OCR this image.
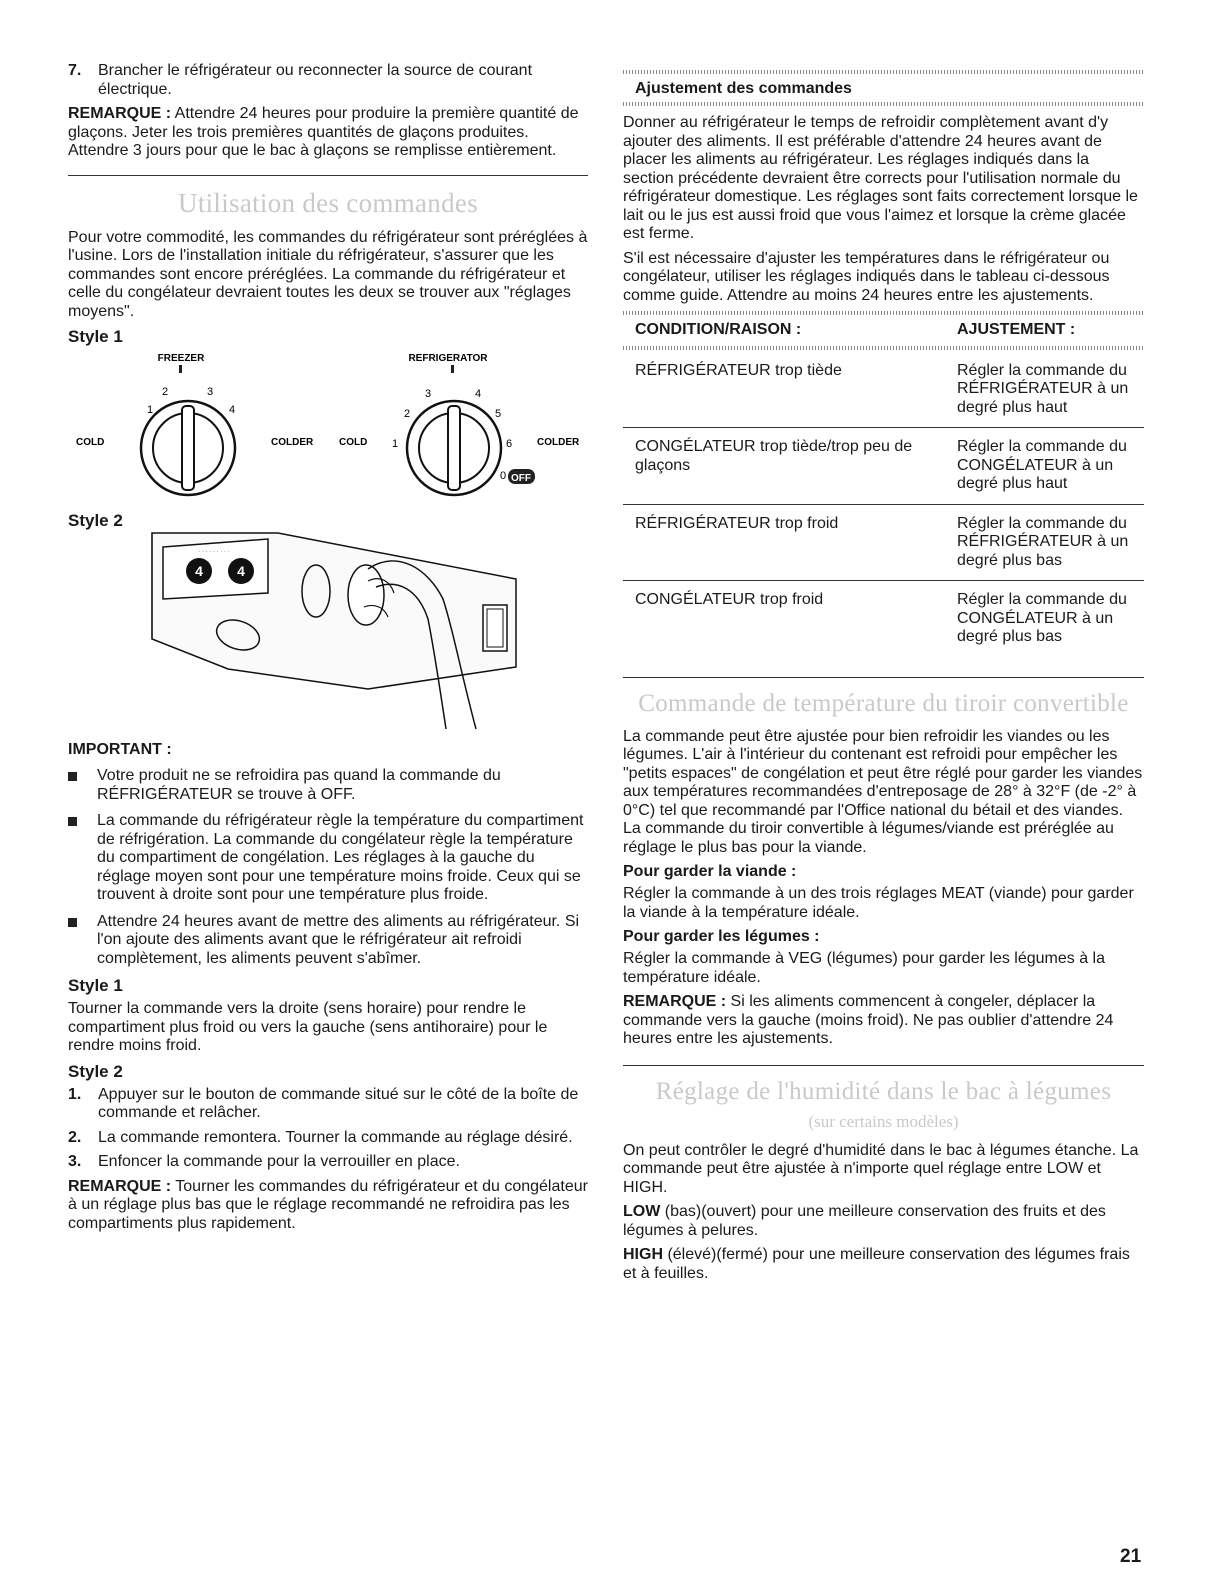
7.	Brancher le réfrigérateur ou reconnecter la source de courant électrique.

REMARQUE : Attendre 24 heures pour produire la première quantité de glaçons. Jeter les trois premières quantités de glaçons produites. Attendre 3 jours pour que le bac à glaçons se remplisse entièrement.

Utilisation des commandes

Pour votre commodité, les commandes du réfrigérateur sont préréglées à l'usine. Lors de l'installation initiale du réfrigérateur, s'assurer que les commandes sont encore préréglées. La commande du réfrigérateur et celle du congélateur devraient toutes les deux se trouver aux "réglages moyens".

Style 1
FREEZER
1
2	3
4
COLD	COLDER
REFRIGERATOR
1
2
3	4
5
6
0 OFF
COLD	COLDER
Style 2
· · · · · · · · ·
4 4
IMPORTANT :
Votre produit ne se refroidira pas quand la commande du RÉFRIGÉRATEUR se trouve à OFF.
La commande du réfrigérateur règle la température du compartiment de réfrigération. La commande du congélateur règle la température du compartiment de congélation. Les réglages à la gauche du réglage moyen sont pour une température moins froide. Ceux qui se trouvent à droite sont pour une température plus froide.
Attendre 24 heures avant de mettre des aliments au réfrigérateur. Si l'on ajoute des aliments avant que le réfrigérateur ait refroidi complètement, les aliments peuvent s'abîmer.
Style 1

Tourner la commande vers la droite (sens horaire) pour rendre le compartiment plus froid ou vers la gauche (sens antihoraire) pour le rendre moins froid.

Style 2
1.	Appuyer sur le bouton de commande situé sur le côté de la boîte de commande et relâcher.
2.	La commande remontera. Tourner la commande au réglage désiré.
3.	Enfoncer la commande pour la verrouiller en place.

REMARQUE : Tourner les commandes du réfrigérateur et du congélateur à un réglage plus bas que le réglage recommandé ne refroidira pas les compartiments plus rapidement.

Ajustement des commandes

Donner au réfrigérateur le temps de refroidir complètement avant d'y ajouter des aliments. Il est préférable d'attendre 24 heures avant de placer les aliments au réfrigérateur. Les réglages indiqués dans la section précédente devraient être corrects pour l'utilisation normale du réfrigérateur domestique. Les réglages sont faits correctement lorsque le lait ou le jus est aussi froid que vous l'aimez et lorsque la crème glacée est ferme.

S'il est nécessaire d'ajuster les températures dans le réfrigérateur ou congélateur, utiliser les réglages indiqués dans le tableau ci-dessous comme guide. Attendre au moins 24 heures entre les ajustements.

CONDITION/RAISON :	AJUSTEMENT :

RÉFRIGÉRATEUR trop tiède	Régler la commande du RÉFRIGÉRATEUR à un degré plus haut
CONGÉLATEUR trop tiède/trop peu de glaçons	Régler la commande du CONGÉLATEUR à un degré plus haut
RÉFRIGÉRATEUR trop froid	Régler la commande du RÉFRIGÉRATEUR à un degré plus bas
CONGÉLATEUR trop froid	Régler la commande du CONGÉLATEUR à un degré plus bas
Commande de température du tiroir convertible

La commande peut être ajustée pour bien refroidir les viandes ou les légumes. L'air à l'intérieur du contenant est refroidi pour empêcher les "petits espaces" de congélation et peut être réglé pour garder les viandes aux températures recommandées d'entreposage de 28° à 32°F (de -2° à 0°C) tel que recommandé par l'Office national du bétail et des viandes. La commande du tiroir convertible à légumes/viande est préréglée au réglage le plus bas pour la viande.

Pour garder la viande :

Régler la commande à un des trois réglages MEAT (viande) pour garder la viande à la température idéale.

Pour garder les légumes :

Régler la commande à VEG (légumes) pour garder les légumes à la température idéale.

REMARQUE : Si les aliments commencent à congeler, déplacer la commande vers la gauche (moins froid). Ne pas oublier d'attendre 24 heures entre les ajustements.

Réglage de l'humidité dans le bac à légumes
(sur certains modèles)

On peut contrôler le degré d'humidité dans le bac à légumes étanche. La commande peut être ajustée à n'importe quel réglage entre LOW et HIGH.

LOW (bas)(ouvert) pour une meilleure conservation des fruits et des légumes à pelures.

HIGH (élevé)(fermé) pour une meilleure conservation des légumes frais et à feuilles.

21
